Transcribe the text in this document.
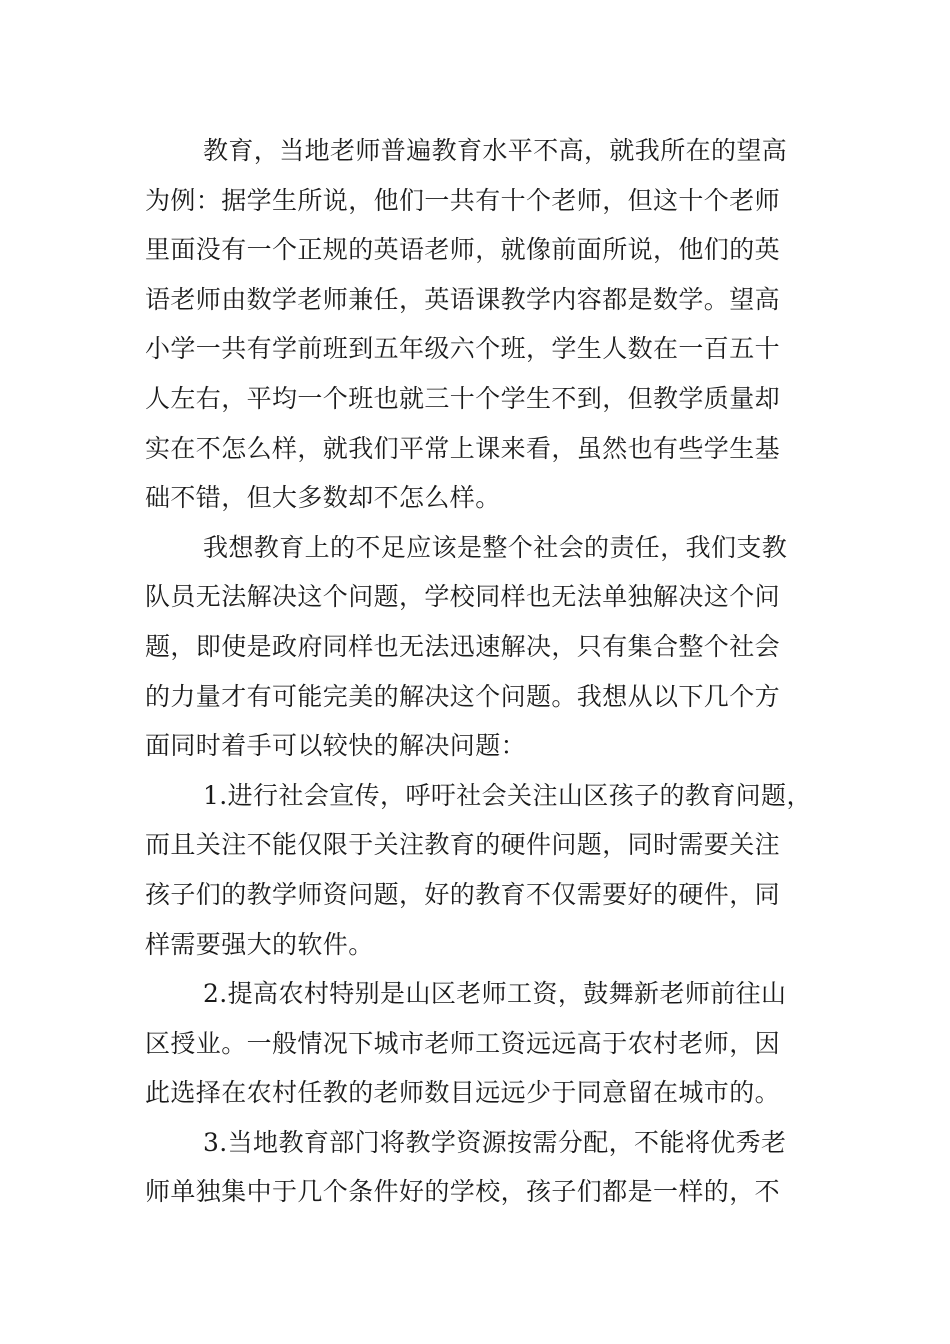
教育，当地老师普遍教育水平不高，就我所在的望高
为例：据学生所说，他们一共有十个老师，但这十个老师
里面没有一个正规的英语老师，就像前面所说，他们的英
语老师由数学老师兼任，英语课教学内容都是数学。望高
小学一共有学前班到五年级六个班，学生人数在一百五十
人左右，平均一个班也就三十个学生不到，但教学质量却
实在不怎么样，就我们平常上课来看，虽然也有些学生基
础不错，但大多数却不怎么样。
我想教育上的不足应该是整个社会的责任，我们支教
队员无法解决这个问题，学校同样也无法单独解决这个问
题，即使是政府同样也无法迅速解决，只有集合整个社会
的力量才有可能完美的解决这个问题。我想从以下几个方
面同时着手可以较快的解决问题：
1.进行社会宣传，呼吁社会关注山区孩子的教育问题，
而且关注不能仅限于关注教育的硬件问题，同时需要关注
孩子们的教学师资问题，好的教育不仅需要好的硬件，同
样需要强大的软件。
2.提高农村特别是山区老师工资，鼓舞新老师前往山
区授业。一般情况下城市老师工资远远高于农村老师，因
此选择在农村任教的老师数目远远少于同意留在城市的。
3.当地教育部门将教学资源按需分配，不能将优秀老
师单独集中于几个条件好的学校，孩子们都是一样的，不
